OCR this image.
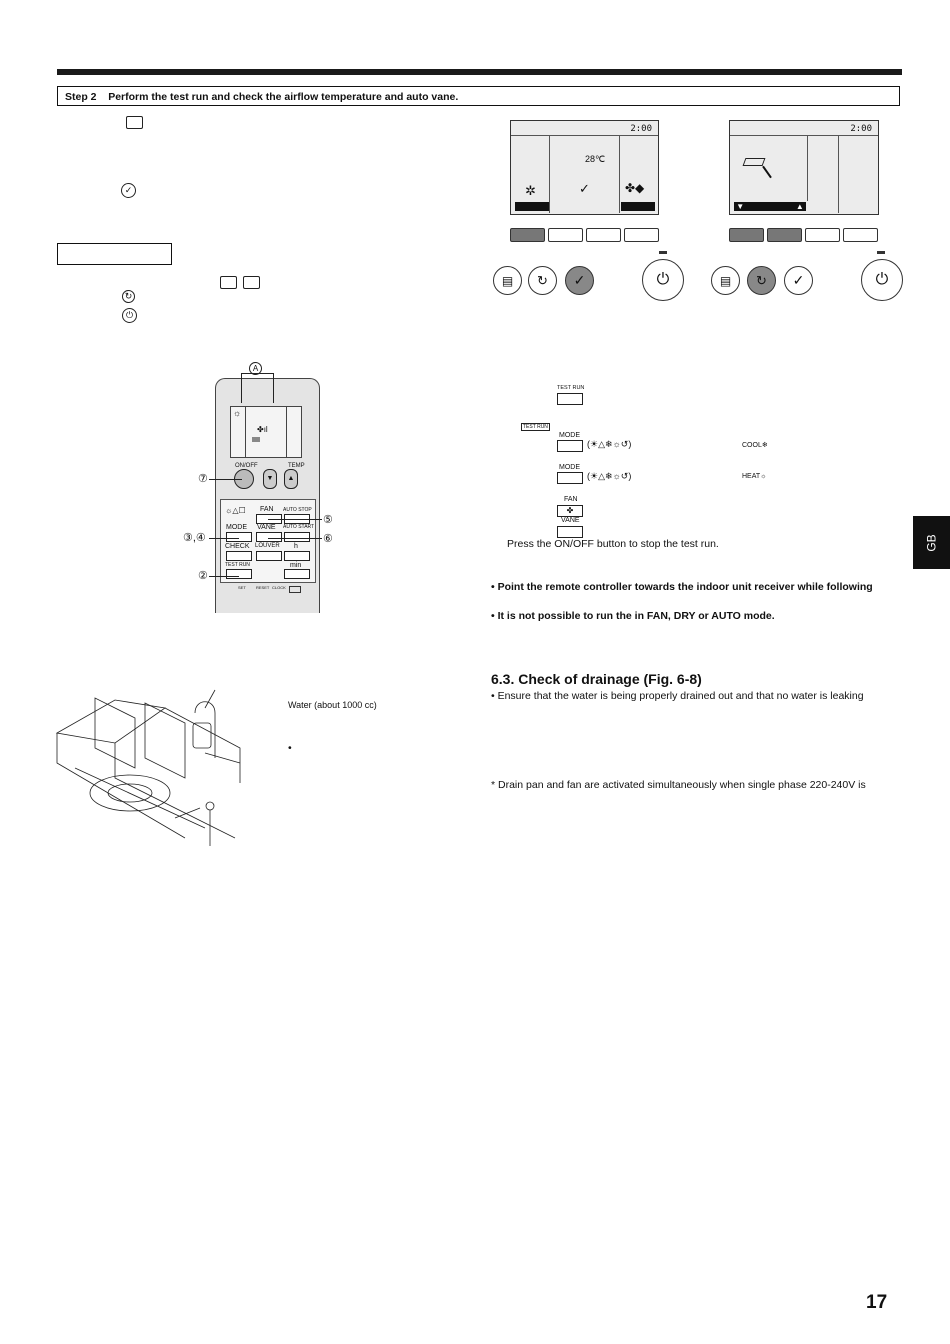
Step 2 Perform the test run and check the airflow temperature and auto vane.
✓
↻
⏻
2:00
28℃
✲	✓	✤◆
▤ ↻ ✓	⏻
2:00
▼	▲
▤ ↻ ✓	⏻
☼
✤ıl
ON/OFF	TEMP
▼	▲
☼△☐ FAN AUTO STOP
MODE VANE AUTO START
CHECK LOUVER h
TEST RUN	min
SET	RESET CLOCK
A
⑦
③,④
②
⑤
⑥
TEST RUN
TEST RUN
MODE
(☀△❄☼↺)	COOL❄
MODE
(☀△❄☼↺)	HEAT☼
FAN
✤
VANE
Press the ON/OFF button to stop the test run.
• Point the remote controller towards the indoor unit receiver while following
• It is not possible to run the in FAN, DRY or AUTO mode.
6.3. Check of drainage (Fig. 6-8)
• Ensure that the water is being properly drained out and that no water is leaking
* Drain pan and fan are activated simultaneously when single phase 220-240V is
Water (about 1000 cc)
•
GB
17
